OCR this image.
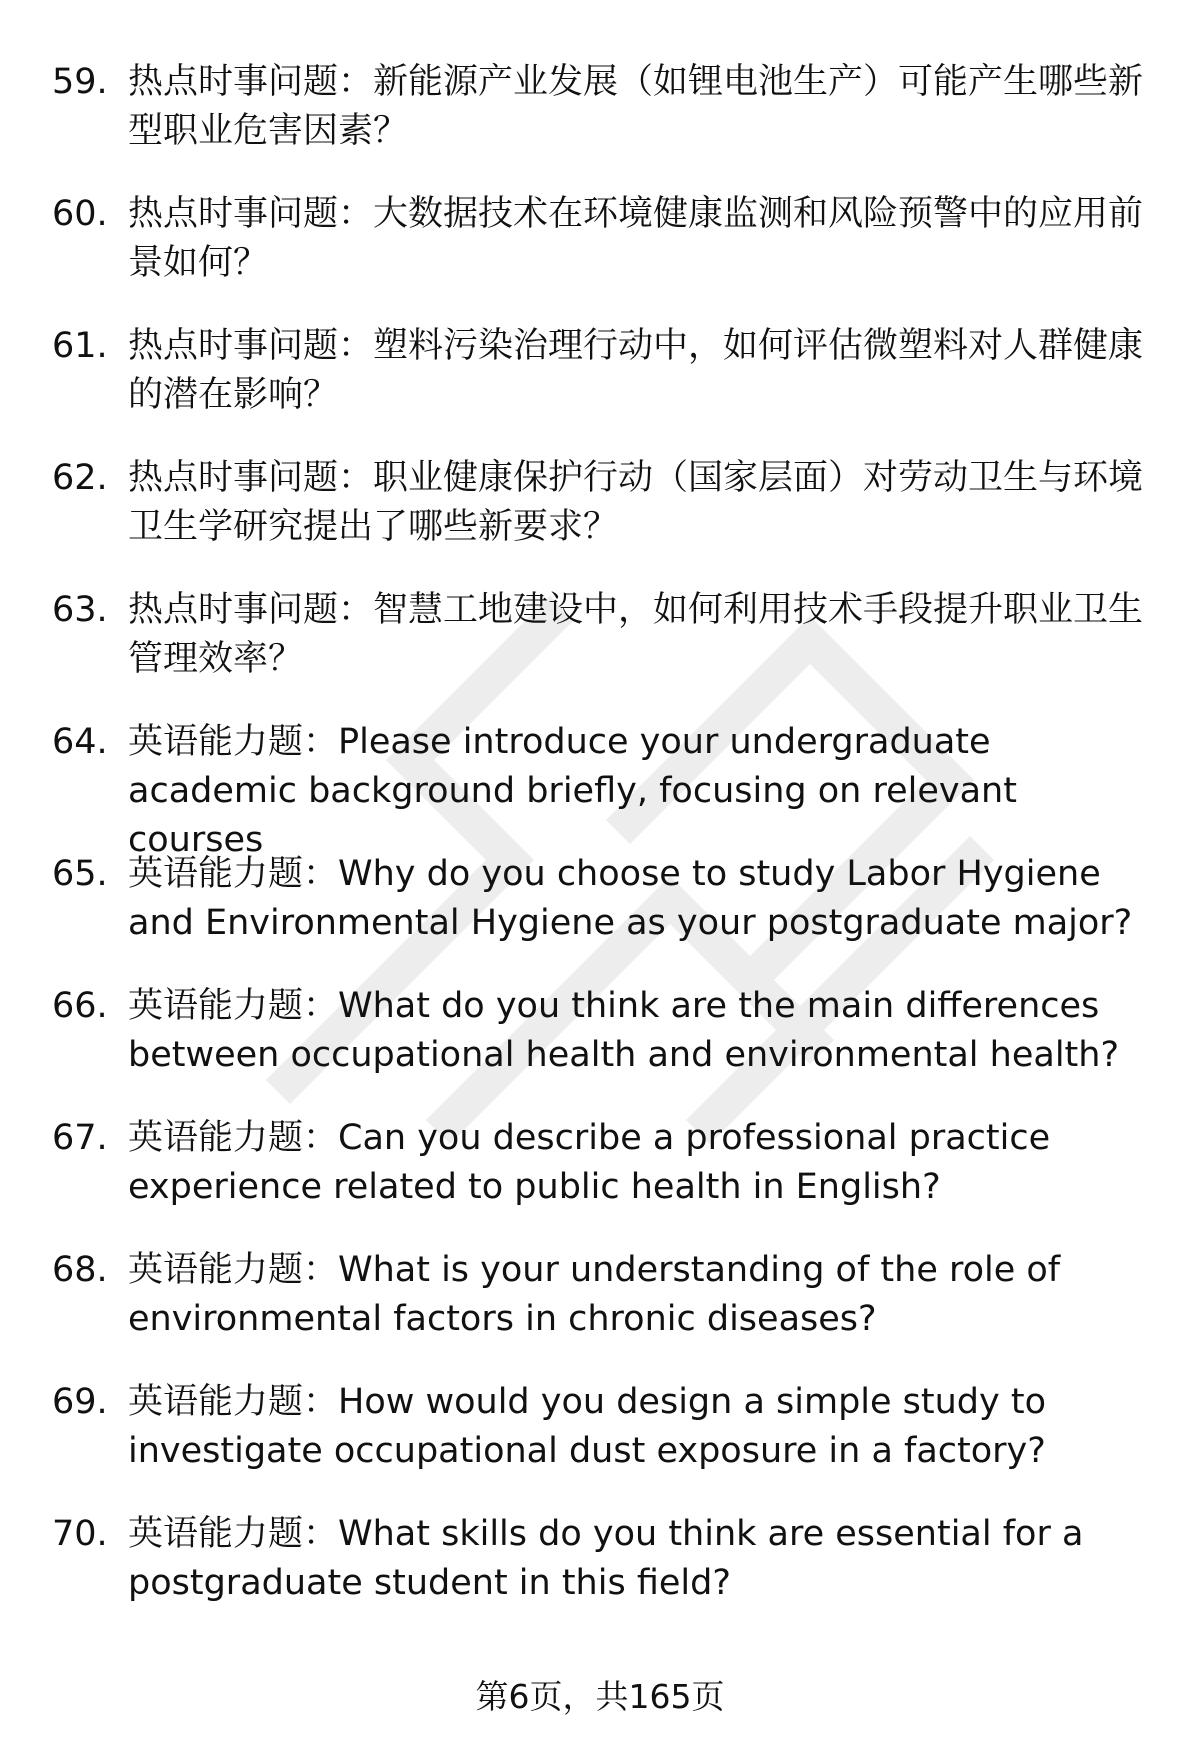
59. 热点时事问题：新能源产业发展（如锂电池生产）可能产生哪些新型职业危害因素？
60. 热点时事问题：大数据技术在环境健康监测和风险预警中的应用前景如何？
61. 热点时事问题：塑料污染治理行动中，如何评估微塑料对人群健康的潜在影响？
62. 热点时事问题：职业健康保护行动（国家层面）对劳动卫生与环境卫生学研究提出了哪些新要求？
63. 热点时事问题：智慧工地建设中，如何利用技术手段提升职业卫生管理效率？
64. 英语能力题：Please introduce your undergraduate academic background briefly, focusing on relevant courses
65. 英语能力题：Why do you choose to study Labor Hygiene and Environmental Hygiene as your postgraduate major?
66. 英语能力题：What do you think are the main differences between occupational health and environmental health?
67. 英语能力题：Can you describe a professional practice experience related to public health in English?
68. 英语能力题：What is your understanding of the role of environmental factors in chronic diseases?
69. 英语能力题：How would you design a simple study to investigate occupational dust exposure in a factory?
70. 英语能力题：What skills do you think are essential for a postgraduate student in this field?
第6页，共165页
